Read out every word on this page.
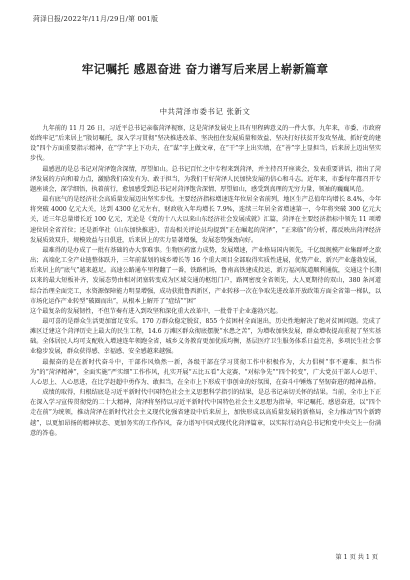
菏泽日报/2022年/11月/29日/第 001版
牢记嘱托 感恩奋进 奋力谱写后来居上崭新篇章
中共菏泽市委书记 张新文

九年前的 11 月 26 日，习近平总书记亲临菏泽视察，这是菏泽发展史上具有里程碑意义的一件大事。九年来，市委、市政府始终牢记“后来居上”殷切嘱托，深入学习贯彻“坚决推进改革、坚决扭住发展质量和效益、坚决打好扶贫开发攻坚战、抓好党的建设”四个方面重要指示精神，在“学”字上下功夫，在“谋”字上做文章，在“干”字上出实绩，在“善”字上显担当，后来居上迈出坚实步伐。

最感恩的是总书记对菏泽饱含深情，厚望如山。总书记百忙之中专程来到菏泽，并主持召开座谈会，发表重要讲话，指出了菏泽发展的方向和着力点，激励我们奋发有为、敢于担当，为我们干好菏泽人民加快发展的信心和斗志。近年来，市委每年都召开专题座谈会，深学细悟，执着前行，愈加感受到总书记对菏泽饱含深情、厚望如山，感受到真理的无穷力量，领袖的巍巍风范。

最有底气的是经济社会高质量发展迈出坚实步伐。主要经济指标增速连年位居全省前列，地区生产总值年均增长 8.4%，今年将突破 4000 亿元大关，达到 4300 亿元左右，财政收入年均增长 7.9%，连续三年居全省增速第一，今年将突破 300 亿元大关，近三年总量增长近 100 亿元，无论是《党的十八大以来山东经济社会发展成就》汇篇，菏泽在主要经济指标中领先 11 项增速位居全省首位；还是新华社《山东加快推进》，青岛相关评论员均提到“正在崛起的菏泽”，“正来临”的分析，都反映出菏泽经济发展质效双升，规模效益与日俱进，后来居上的实力显著增强，发展态势强劲向好。

最难得的是办成了一批有基础的办大事难事。生物医药富力成势，发展增速，产业格局国内领先，千亿级规模产业集群呼之欲出；高端化工全产业链整体跃升，三年前谋划的城乡增长等 16 个重大项目全部取得实质性进展，优势产业、新兴产业蓬勃发展，后来居上的“底气”越来越足。高速公路通车里程翻了一番，铁路机场，鲁南高铁建成投运，新万福河航道顺利通航，交通这个长期以来的最大短板补齐，发展态势由相对闭塞转变成为区域交通的枢纽门户，路网密度全省领先，大人更期待的双山，380 条河道综合治理全面完工，水资源保障能力明显增强，成功获批鲁西新区，产业转移一次在争取先进改革开放政策方面全省第一梯队，以市场化运作产业转型“破圈而出”，从根本上解开了“症结”“困”

这个最复杂的发展韧性，不但节奏有进入到攻坚和深化重大改革中，一批骨干企业蓬勃兴起。

最可喜的是群众生活更加富足安乐。170 万群众稳定脱贫，855 个贫困村全面退出，历史性地解决了绝对贫困问题。完成了滩区迁建这个菏泽历史上最大的民生工程，14.6 万滩区群众彻底摆脱“水患之苦”，为增收加快发展，群众增收提高重视了坚实基础。全体居民人均可支配收入增速连年领跑全省，城乡义务教育更加优质均衡，基层医疗卫生服务体系日益完善，多项民生社会事业稳步发展，群众获得感、幸福感、安全感越来越强。

最振奋的是在新时代奋斗中，干部作风焕然一新，各级干部在学习贯彻工作中积极作为，大力倡树“事不避难、担当作为”的“菏泽精神”，全面实施“严实细”工作作风，扎实开展“五比五看”大竞赛、“对标争先”“四个转变”，广大党员干部人心思干、人心思上、人心思进，在比学赶超中勇作为、敢担当，在全市上下形成干事创业的好氛围，在奋斗中锤炼了坚韧奋进的精神品格。

成绩的取得，归根结底是习近平新时代中国特色社会主义思想科学指引的结果，是总书记亲切关怀的结果。当前，全市上下正在深入学习宣传贯彻党的二十大精神，菏泽将坚持以习近平新时代中国特色社会主义思想为指导，牢记嘱托、感恩奋进，以“四个走在前”为统领，推动菏泽在新时代社会主义现代化强省建设中后来居上，加快形成以高质量发展的新格局，全力推动“四个新跨越”，以更加昂扬的精神状态、更加务实的工作作风，奋力谱写中国式现代化菏泽篇章，以实际行动向总书记和党中央交上一份满意的答卷。

第 1 页 共 1 页
